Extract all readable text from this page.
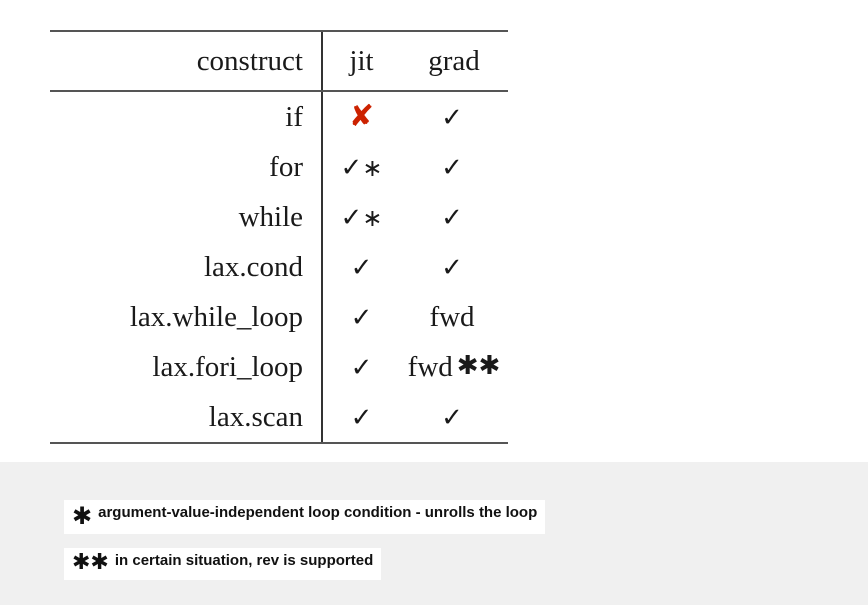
construct	jit	grad
if	✘	✓
for	✓∗	✓
while	✓∗	✓
lax.cond	✓	✓
lax.while_loop	✓	fwd
lax.fori_loop	✓	fwd ✱✱
lax.scan	✓	✓
✱ argument-value-independent loop condition - unrolls the loop
✱✱ in certain situation, rev is supported
